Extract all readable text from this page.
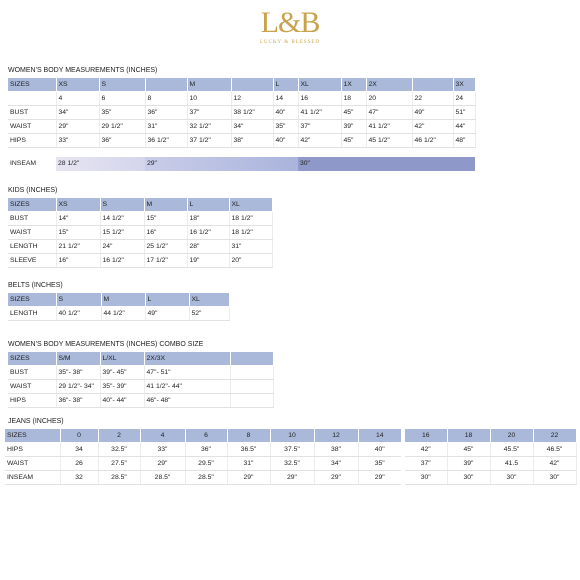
L&B
LUCKY & BLESSED
WOMEN'S BODY MEASUREMENTS (INCHES)
SIZES	XS	S		M		L	XL	1X	2X		3X
	4	6	8	10	12	14	16	18	20	22	24
BUST	34"	35"	36"	37"	38 1/2"	40"	41 1/2"	45"	47"	49"	51"
WAIST	29"	29 1/2"	31"	32 1/2"	34"	35"	37"	39"	41 1/2"	42"	44"
HIPS	33"	36"	36 1/2"	37 1/2"	38"	40"	42"	45"	45 1/2"	46 1/2"	48"
INSEAM	28 1/2"	29"	30"
KIDS (INCHES)
SIZES	XS	S	M	L	XL
BUST	14"	14 1/2"	15"	18"	18 1/2"
WAIST	15"	15 1/2"	16"	16 1/2"	18 1/2"
LENGTH	21 1/2"	24"	25 1/2"	28"	31"
SLEEVE	16"	16 1/2"	17 1/2"	19"	20"
BELTS (INCHES)
SIZES	S	M	L	XL
LENGTH	40 1/2"	44 1/2"	49"	52"
WOMEN'S BODY MEASUREMENTS (INCHES) COMBO SIZE
SIZES	S/M	L/XL	2X/3X	
BUST	35"- 38"	39"- 45"	47"- 51"	
WAIST	29 1/2"- 34"	35"- 39"	41 1/2"- 44"	
HIPS	36"- 38"	40"- 44"	46"- 48"	
JEANS (INCHES)
SIZES	0	2	4	6	8	10	12	14	16	18	20	22
HIPS	34	32.5"	33"	36"	36.5"	37.5"	38"	40"	42"	45"	45.5"	46.5"
WAIST	26	27.5"	29"	29.5"	31"	32.5"	34"	35"	37"	39"	41.5	42"
INSEAM	32	28.5"	28.5"	28.5"	29"	29"	29"	29"	30"	30"	30"	30"
